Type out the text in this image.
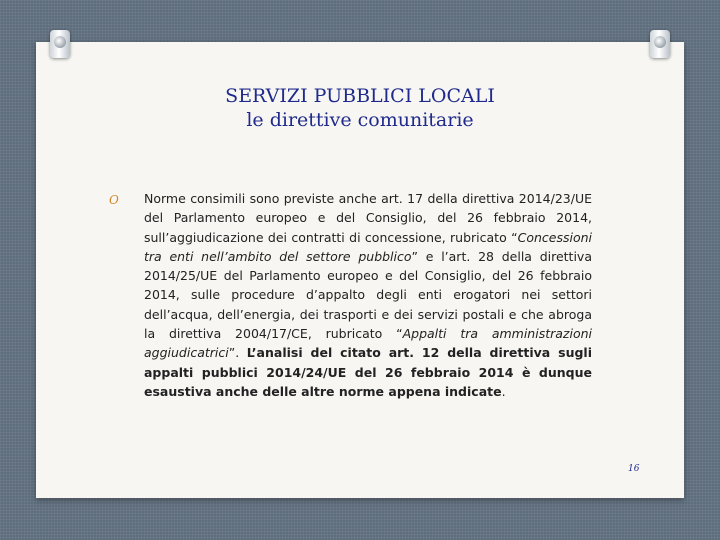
SERVIZI PUBBLICI LOCALI
le direttive comunitarie
O Norme consimili sono previste anche art. 17 della direttiva 2014/23/UE del Parlamento europeo e del Consiglio, del 26 febbraio 2014, sull’aggiudicazione dei contratti di concessione, rubricato “Concessioni tra enti nell’ambito del settore pubblico” e l’art. 28 della direttiva 2014/25/UE del Parlamento europeo e del Consiglio, del 26 febbraio 2014, sulle procedure d’appalto degli enti erogatori nei settori dell’acqua, dell’energia, dei trasporti e dei servizi postali e che abroga la direttiva 2004/17/CE, rubricato “Appalti tra amministrazioni aggiudicatrici”. L’analisi del citato art. 12 della direttiva sugli appalti pubblici 2014/24/UE del 26 febbraio 2014 è dunque esaustiva anche delle altre norme appena indicate.
16
